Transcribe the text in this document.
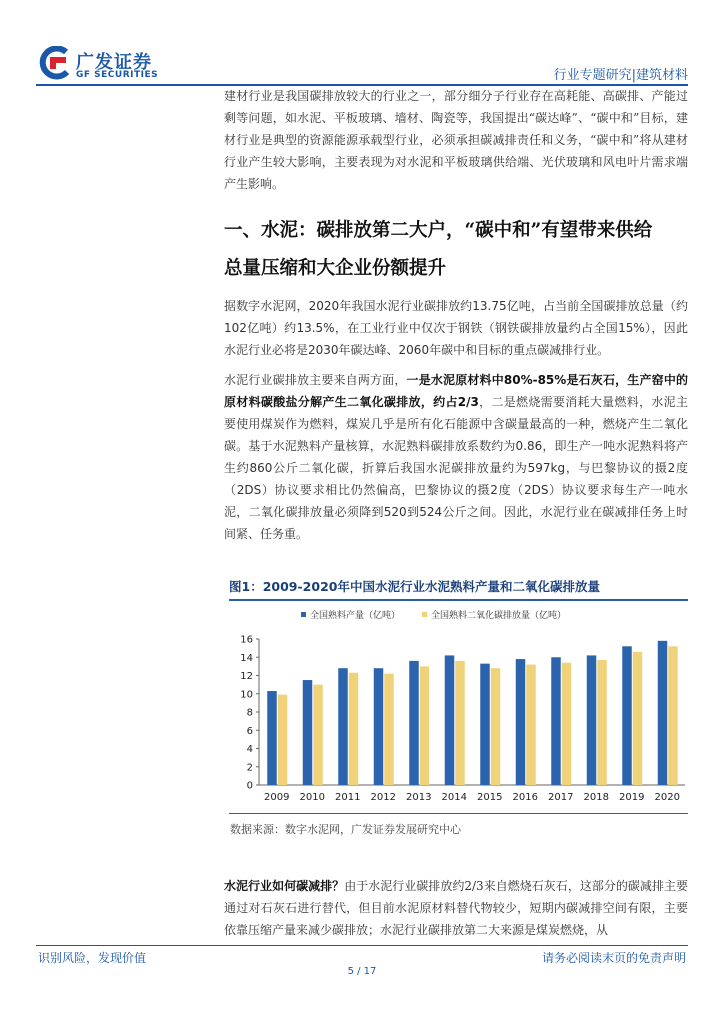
广发证券
GF SECURITIES	行业专题研究|建筑材料

建材行业是我国碳排放较大的行业之一，部分细分子行业存在高耗能、高碳排、产能过剩等问题，如水泥、平板玻璃、墙材、陶瓷等，我国提出“碳达峰”、“碳中和”目标，建材行业是典型的资源能源承载型行业，必须承担碳减排责任和义务，“碳中和”将从建材行业产生较大影响，主要表现为对水泥和平板玻璃供给端、光伏玻璃和风电叶片需求端产生影响。

一、水泥：碳排放第二大户，“碳中和”有望带来供给
总量压缩和大企业份额提升

据数字水泥网，2020年我国水泥行业碳排放约13.75亿吨，占当前全国碳排放总量（约102亿吨）约13.5%，在工业行业中仅次于钢铁（钢铁碳排放量约占全国15%），因此水泥行业必将是2030年碳达峰、2060年碳中和目标的重点碳减排行业。

水泥行业碳排放主要来自两方面，一是水泥原材料中80%-85%是石灰石，生产窑中的原材料碳酸盐分解产生二氧化碳排放，约占2/3，二是燃烧需要消耗大量燃料，水泥主要使用煤炭作为燃料，煤炭几乎是所有化石能源中含碳量最高的一种，燃烧产生二氧化碳。基于水泥熟料产量核算，水泥熟料碳排放系数约为0.86，即生产一吨水泥熟料将产生约860公斤二氧化碳，折算后我国水泥碳排放量约为597kg，与巴黎协议的摄2度（2DS）协议要求相比仍然偏高，巴黎协议的摄2度（2DS）协议要求每生产一吨水泥，二氧化碳排放量必须降到520到524公斤之间。因此，水泥行业在碳减排任务上时间紧、任务重。

图1：2009-2020年中国水泥行业水泥熟料产量和二氧化碳排放量
全国熟料产量（亿吨）	全国熟料二氧化碳排放量（亿吨）
0
2
4
6
8
10
12
14
16
2009 2010 2011 2012 2013 2014 2015 2016 2017 2018 2019 2020
数据来源：数字水泥网，广发证券发展研究中心

水泥行业如何碳减排？由于水泥行业碳排放约2/3来自燃烧石灰石，这部分的碳减排主要通过对石灰石进行替代，但目前水泥原材料替代物较少，短期内碳减排空间有限，主要依靠压缩产量来减少碳排放；水泥行业碳排放第二大来源是煤炭燃烧，从

识别风险，发现价值	请务必阅读末页的免责声明
5 / 17
